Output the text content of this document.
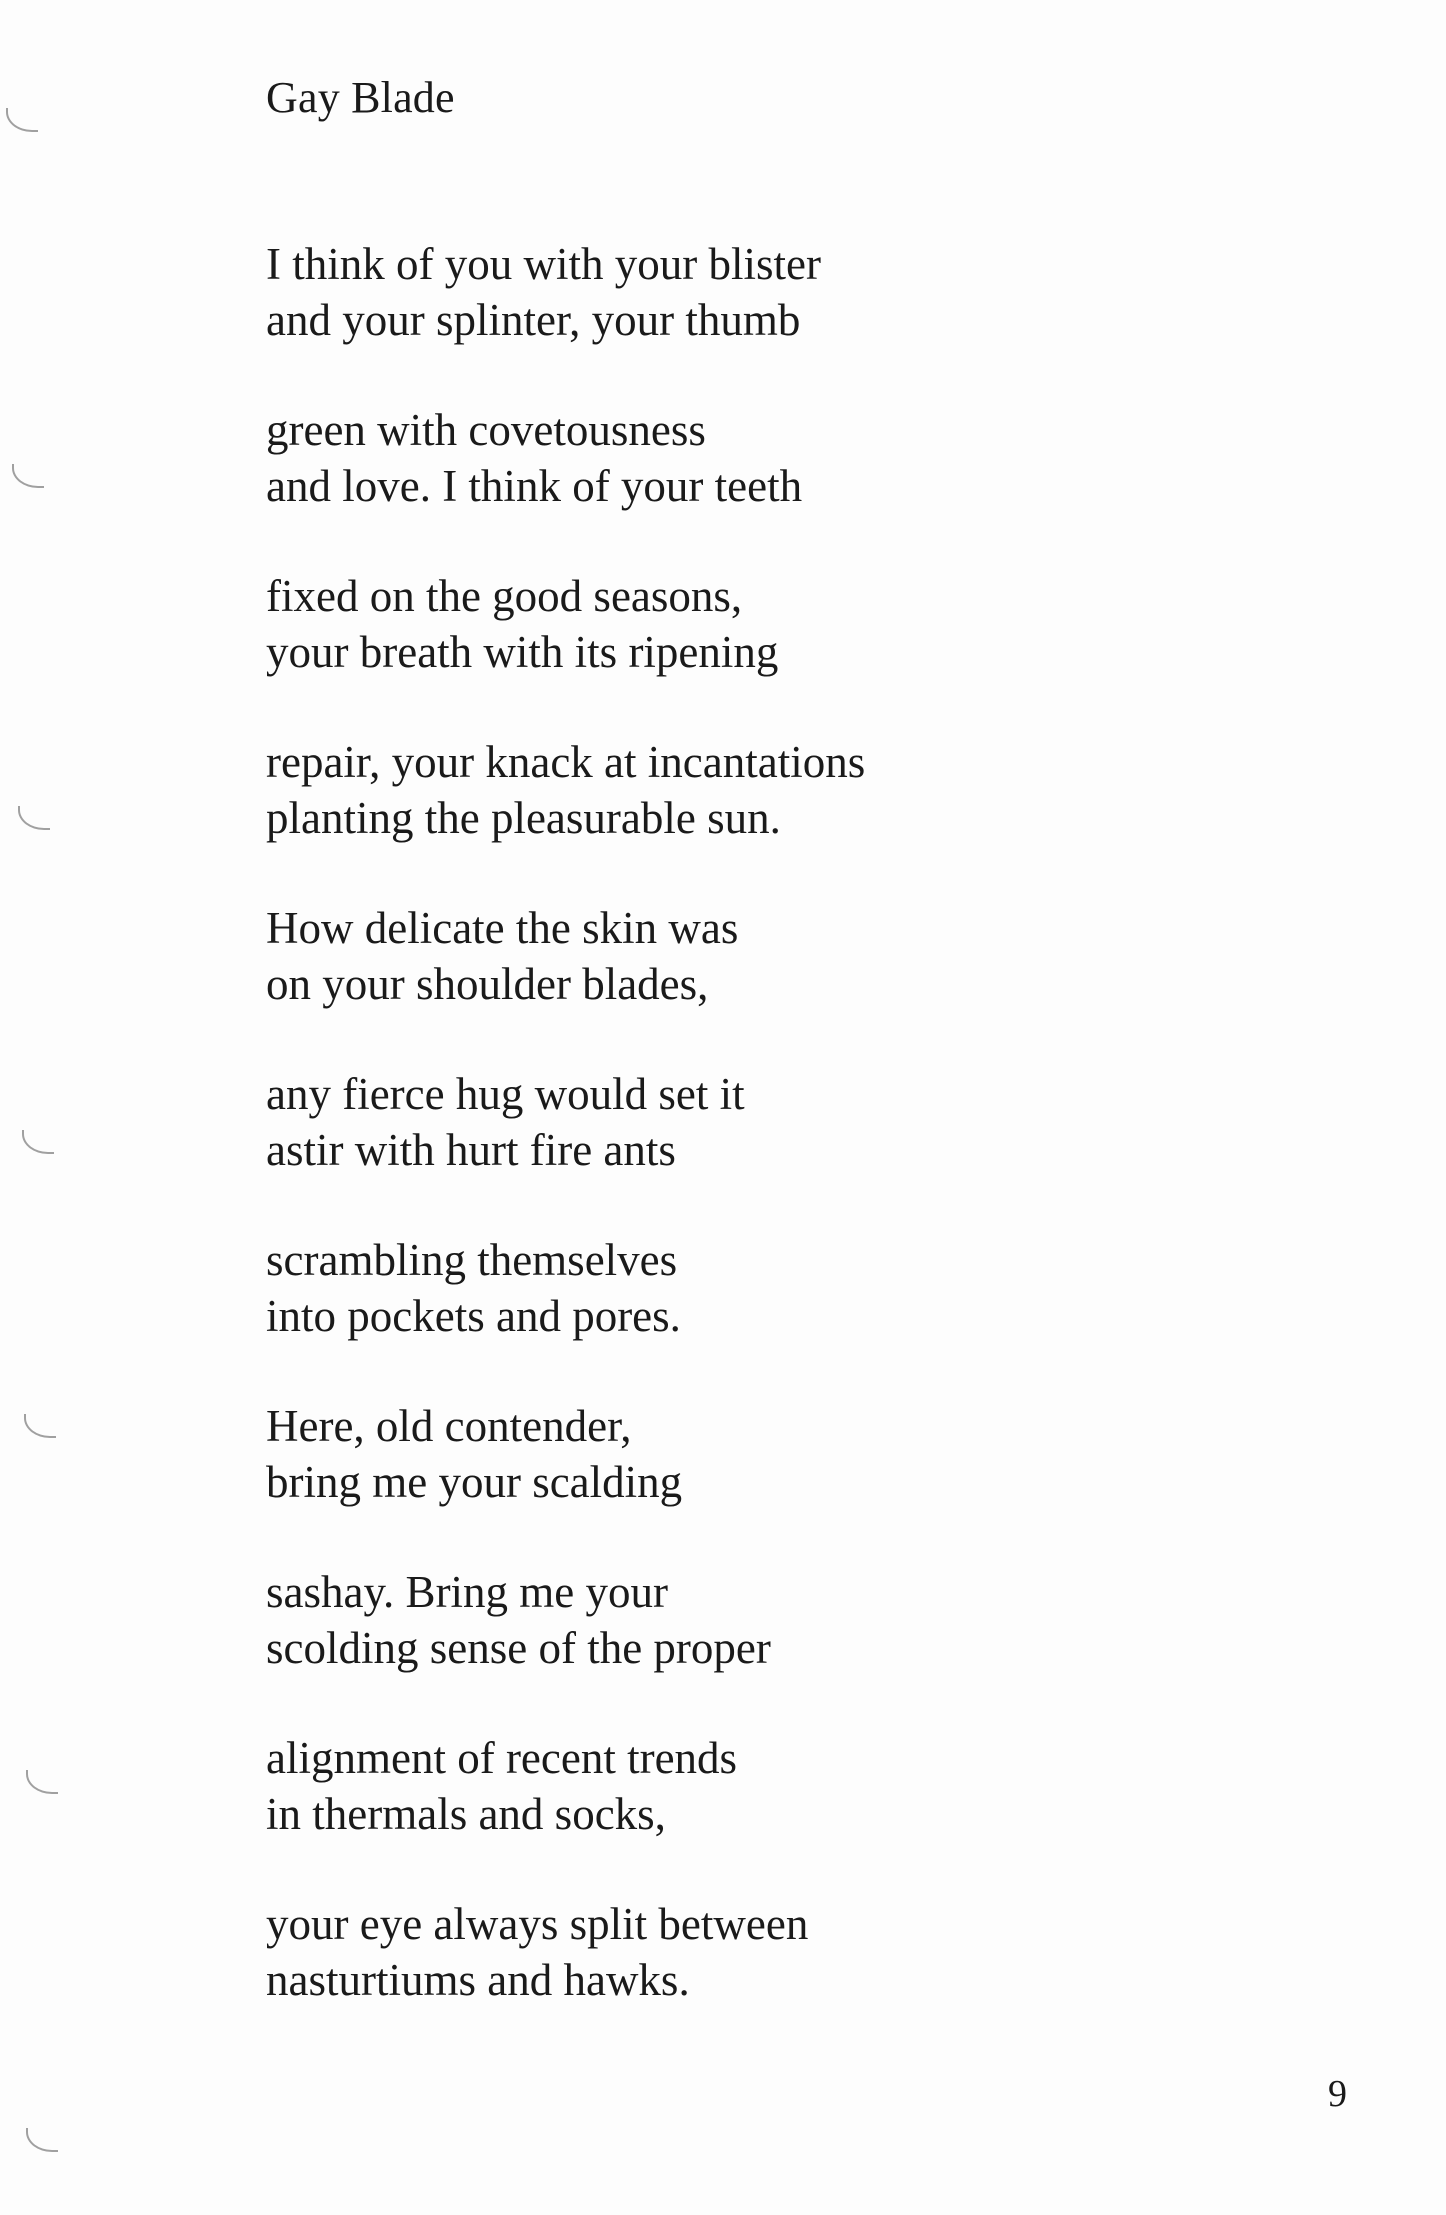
Gay Blade
I think of you with your blister
and your splinter, your thumb
green with covetousness
and love. I think of your teeth
fixed on the good seasons,
your breath with its ripening
repair, your knack at incantations
planting the pleasurable sun.
How delicate the skin was
on your shoulder blades,
any fierce hug would set it
astir with hurt fire ants
scrambling themselves
into pockets and pores.
Here, old contender,
bring me your scalding
sashay. Bring me your
scolding sense of the proper
alignment of recent trends
in thermals and socks,
your eye always split between
nasturtiums and hawks.
9
